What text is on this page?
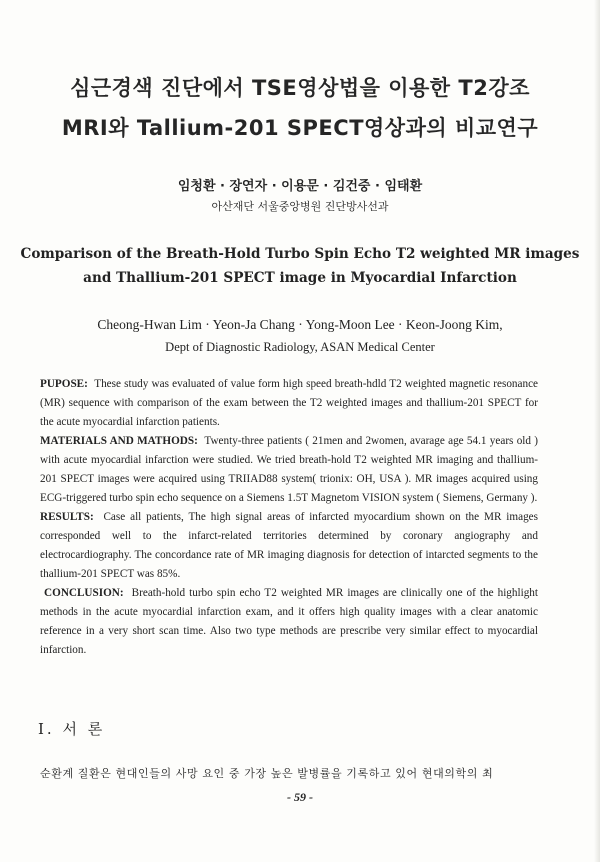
심근경색 진단에서 TSE영상법을 이용한 T2강조
MRI와 Tallium-201 SPECT영상과의 비교연구
임청환 · 장연자 · 이용문 · 김건중 · 임태환
아산재단 서울중앙병원 진단방사선과
Comparison of the Breath-Hold Turbo Spin Echo T2 weighted MR images
and Thallium-201 SPECT image in Myocardial Infarction
Cheong-Hwan Lim · Yeon-Ja Chang · Yong-Moon Lee · Keon-Joong Kim,
Dept of Diagnostic Radiology, ASAN Medical Center

PUPOSE: These study was evaluated of value form high speed breath-hdld T2 weighted magnetic resonance (MR) sequence with comparison of the exam between the T2 weighted images and thallium-201 SPECT for the acute myocardial infarction patients.

MATERIALS AND MATHODS: Twenty-three patients ( 21men and 2women, avarage age 54.1 years old ) with acute myocardial infarction were studied. We tried breath-hold T2 weighted MR imaging and thallium-201 SPECT images were acquired using TRIIAD88 system( trionix: OH, USA ). MR images acquired using ECG-triggered turbo spin echo sequence on a Siemens 1.5T Magnetom VISION system ( Siemens, Germany ).

RESULTS: Case all patients, The high signal areas of infarcted myocardium shown on the MR images corresponded well to the infarct-related territories determined by coronary angiography and electrocardiography. The concordance rate of MR imaging diagnosis for detection of intarcted segments to the thallium-201 SPECT was 85%.

CONCLUSION: Breath-hold turbo spin echo T2 weighted MR images are clinically one of the highlight methods in the acute myocardial infarction exam, and it offers high quality images with a clear anatomic reference in a very short scan time. Also two type methods are prescribe very similar effect to myocardial infarction.

I. 서 론
순환계 질환은 현대인들의 사망 요인 중 가장 높은 발병률을 기록하고 있어 현대의학의 최
- 59 -
